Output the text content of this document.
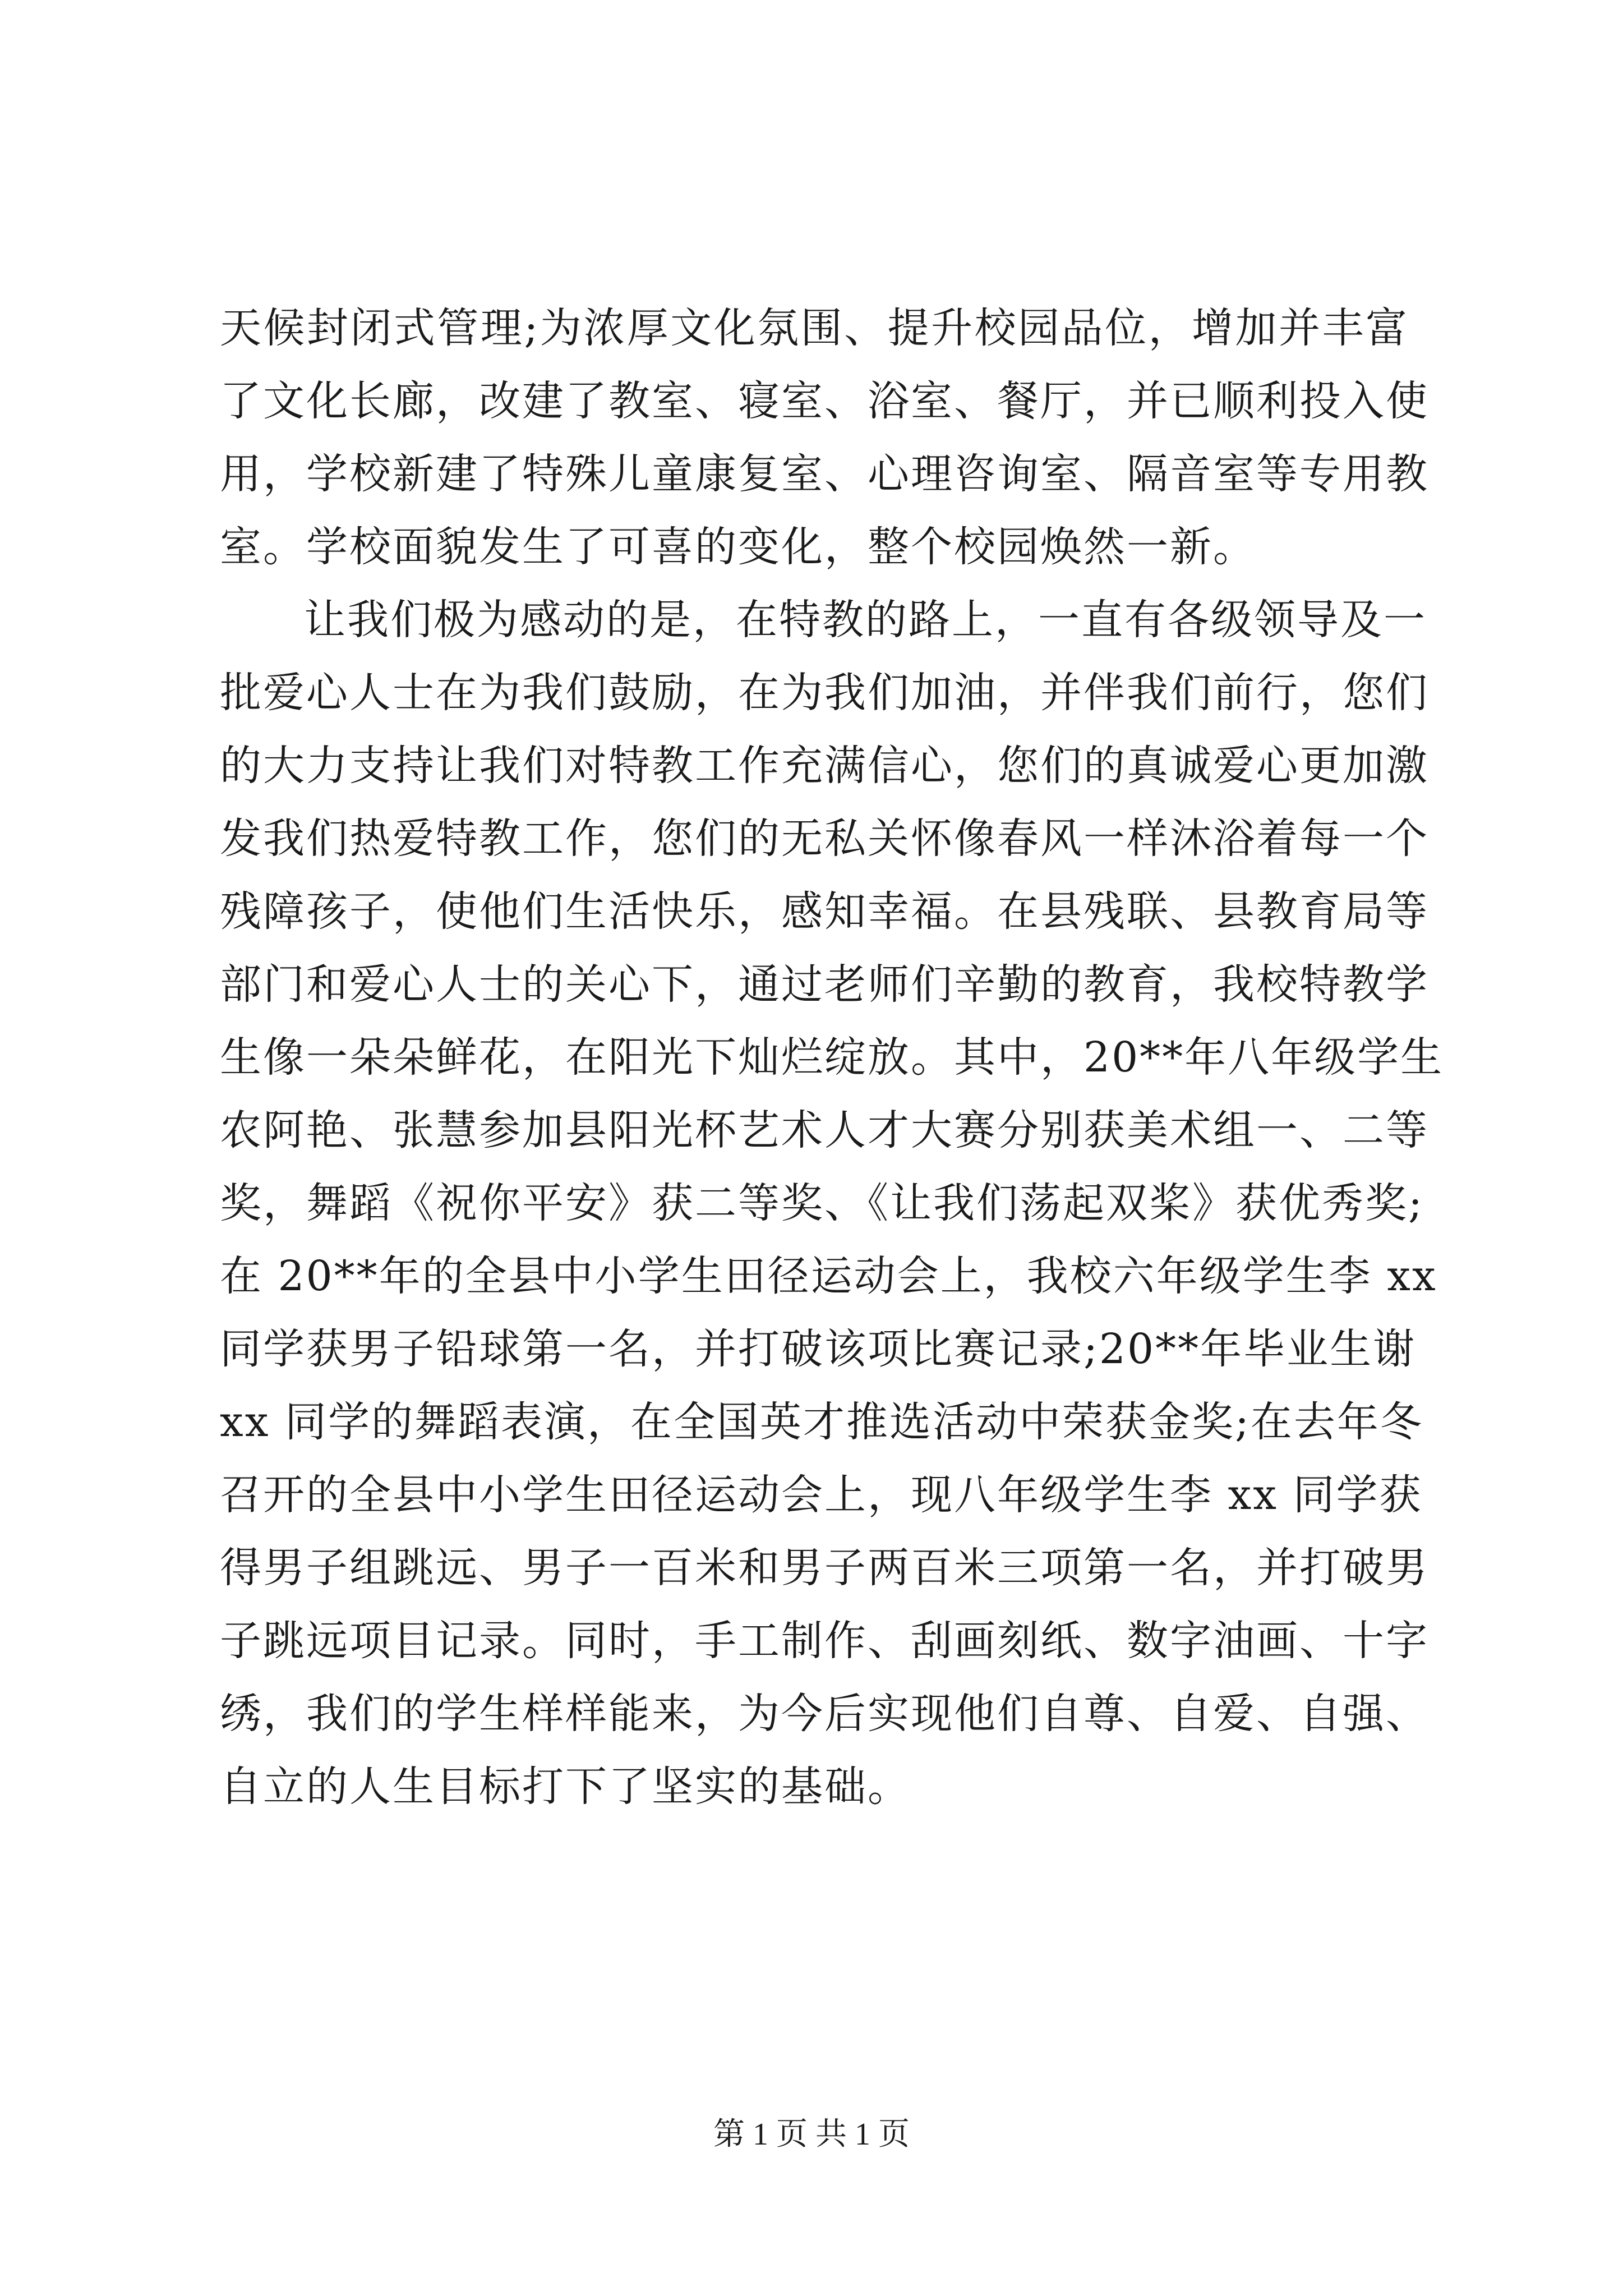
天候封闭式管理;为浓厚文化氛围、提升校园品位，增加并丰富
了文化长廊，改建了教室、寝室、浴室、餐厅，并已顺利投入使
用，学校新建了特殊儿童康复室、心理咨询室、隔音室等专用教
室。学校面貌发生了可喜的变化，整个校园焕然一新。
让我们极为感动的是，在特教的路上，一直有各级领导及一
批爱心人士在为我们鼓励，在为我们加油，并伴我们前行，您们
的大力支持让我们对特教工作充满信心，您们的真诚爱心更加激
发我们热爱特教工作，您们的无私关怀像春风一样沐浴着每一个
残障孩子，使他们生活快乐，感知幸福。在县残联、县教育局等
部门和爱心人士的关心下，通过老师们辛勤的教育，我校特教学
生像一朵朵鲜花，在阳光下灿烂绽放。其中，20**年八年级学生
农阿艳、张慧参加县阳光杯艺术人才大赛分别获美术组一、二等
奖，舞蹈《祝你平安》获二等奖、《让我们荡起双桨》获优秀奖;
在 20**年的全县中小学生田径运动会上，我校六年级学生李 xx
同学获男子铅球第一名，并打破该项比赛记录;20**年毕业生谢
xx 同学的舞蹈表演，在全国英才推选活动中荣获金奖;在去年冬
召开的全县中小学生田径运动会上，现八年级学生李 xx 同学获
得男子组跳远、男子一百米和男子两百米三项第一名，并打破男
子跳远项目记录。同时，手工制作、刮画刻纸、数字油画、十字
绣，我们的学生样样能来，为今后实现他们自尊、自爱、自强、
自立的人生目标打下了坚实的基础。
第 1 页 共 1 页
